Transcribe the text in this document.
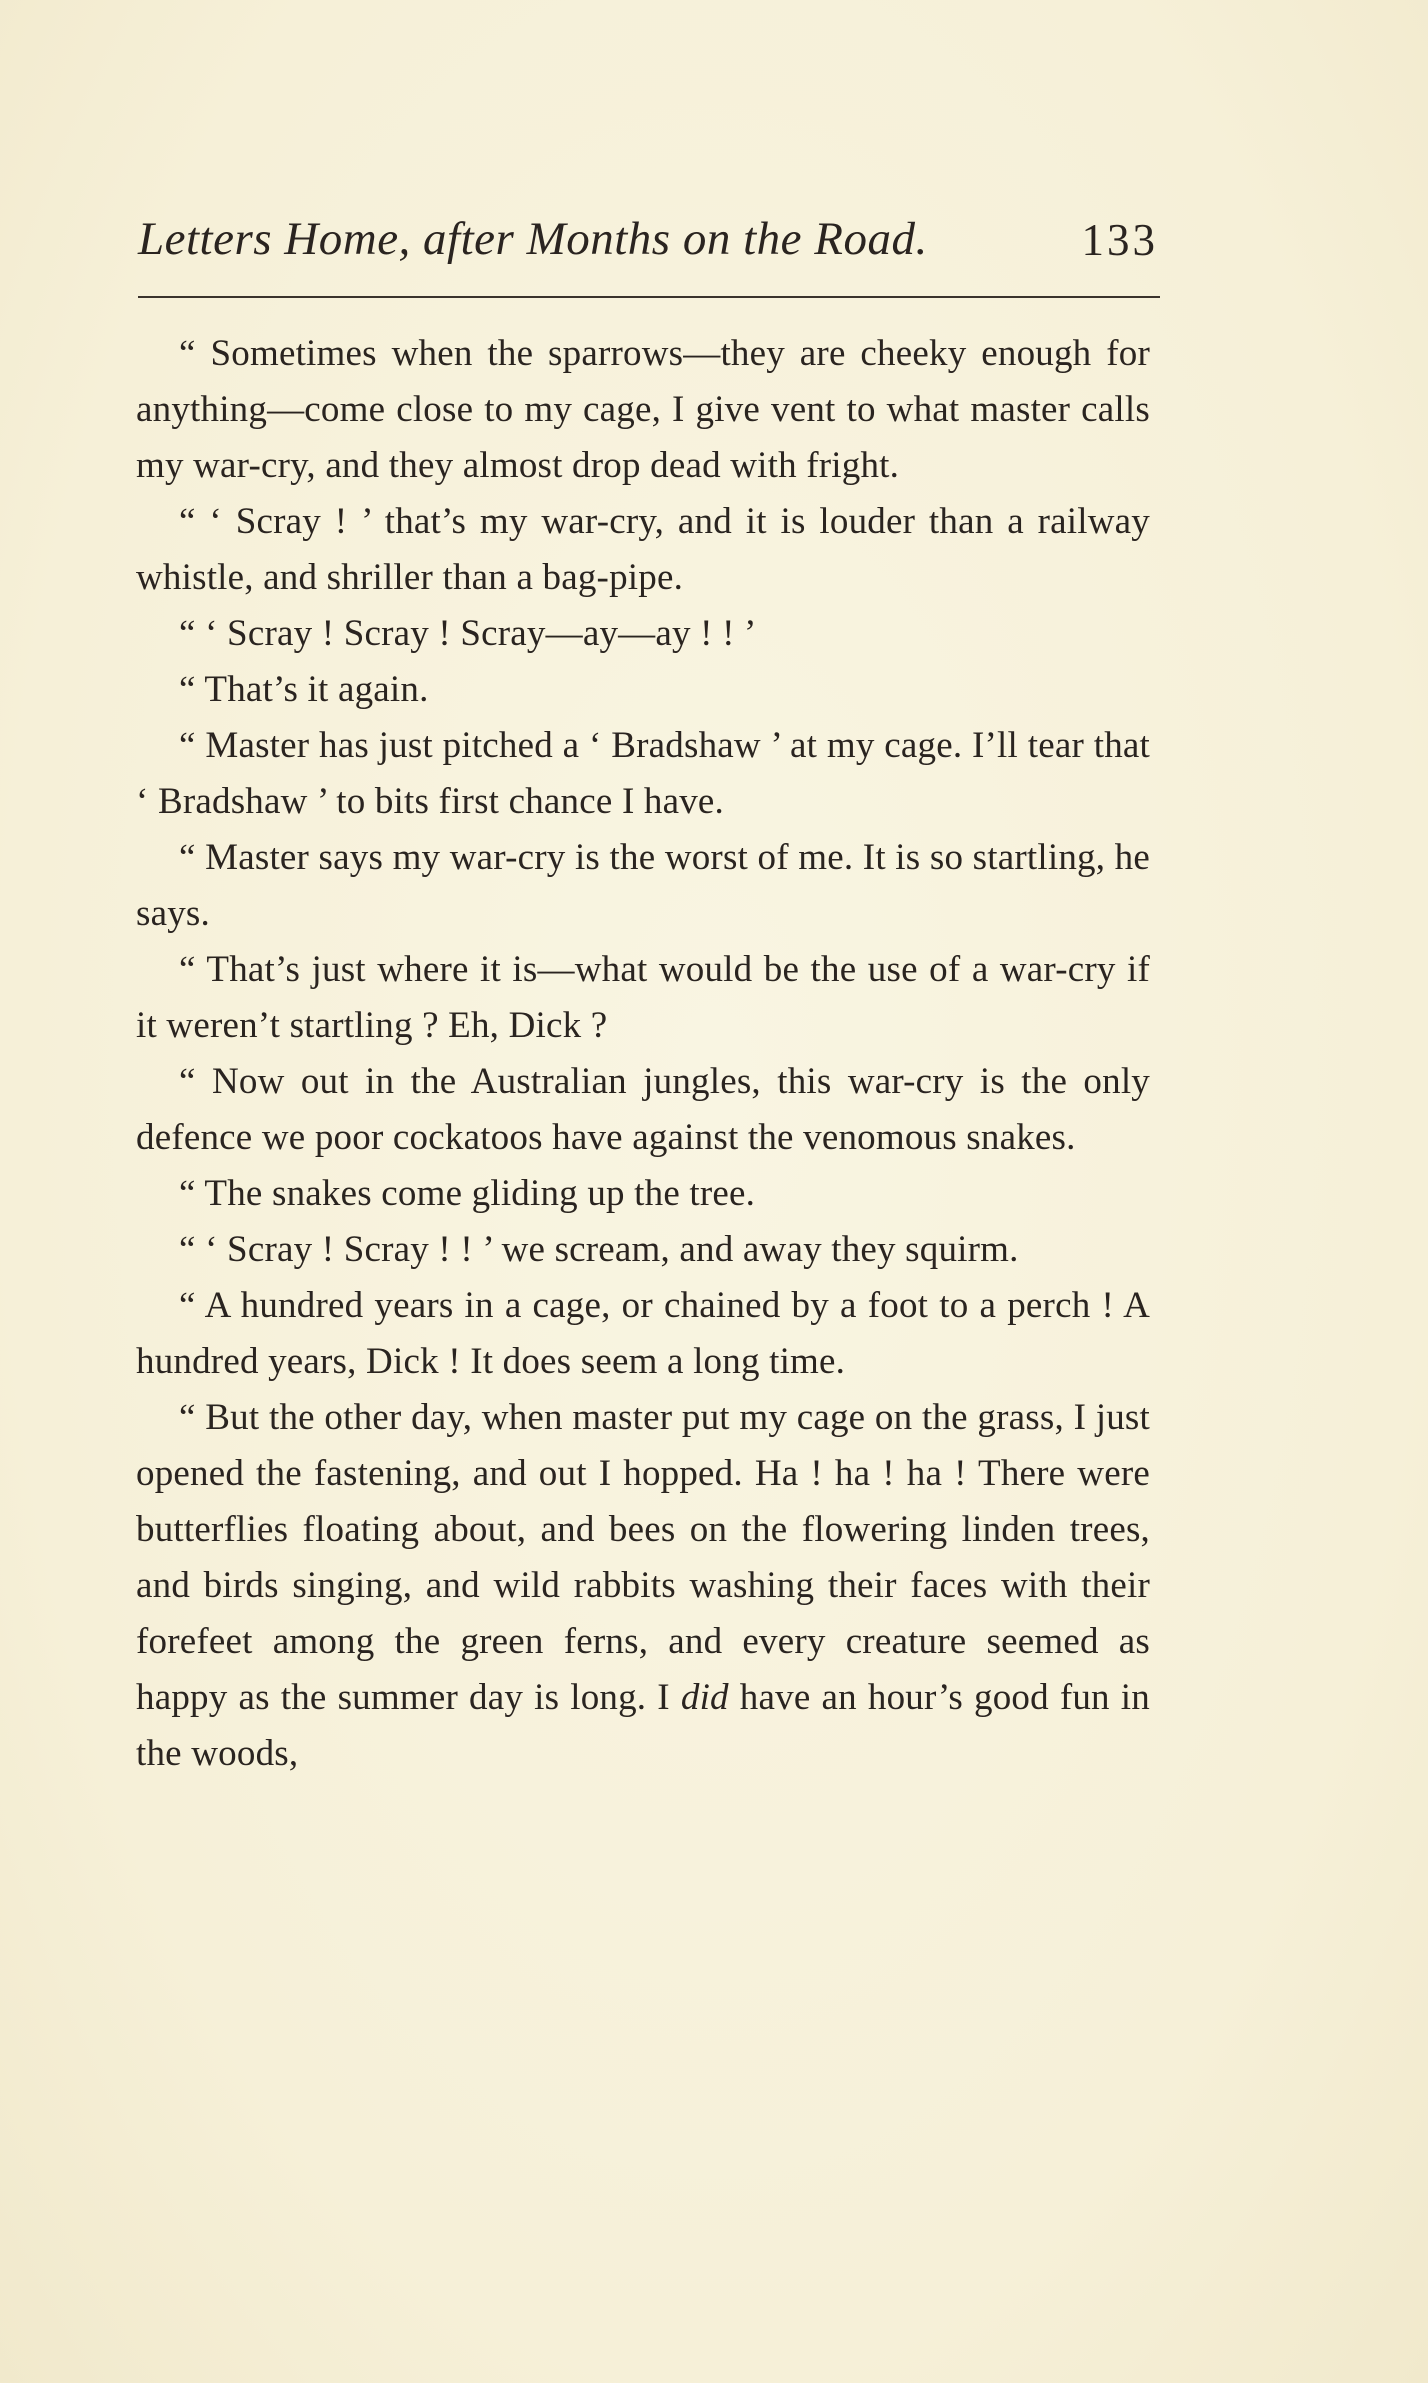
Letters Home, after Months on the Road.	133

“ Sometimes when the sparrows—they are cheeky enough for anything—come close to my cage, I give vent to what master calls my war-cry, and they almost drop dead with fright.

“ ‘ Scray ! ’ that’s my war-cry, and it is louder than a railway whistle, and shriller than a bag-pipe.

“ ‘ Scray ! Scray ! Scray—ay—ay ! ! ’

“ That’s it again.

“ Master has just pitched a ‘ Bradshaw ’ at my cage. I’ll tear that ‘ Bradshaw ’ to bits first chance I have.

“ Master says my war-cry is the worst of me. It is so startling, he says.

“ That’s just where it is—what would be the use of a war-cry if it weren’t startling ? Eh, Dick ?

“ Now out in the Australian jungles, this war-cry is the only defence we poor cockatoos have against the venomous snakes.

“ The snakes come gliding up the tree.

“ ‘ Scray ! Scray ! ! ’ we scream, and away they squirm.

“ A hundred years in a cage, or chained by a foot to a perch ! A hundred years, Dick ! It does seem a long time.

“ But the other day, when master put my cage on the grass, I just opened the fastening, and out I hopped. Ha ! ha ! ha ! There were butterflies floating about, and bees on the flowering linden trees, and birds singing, and wild rabbits washing their faces with their forefeet among the green ferns, and every creature seemed as happy as the summer day is long. I did have an hour’s good fun in the woods,
